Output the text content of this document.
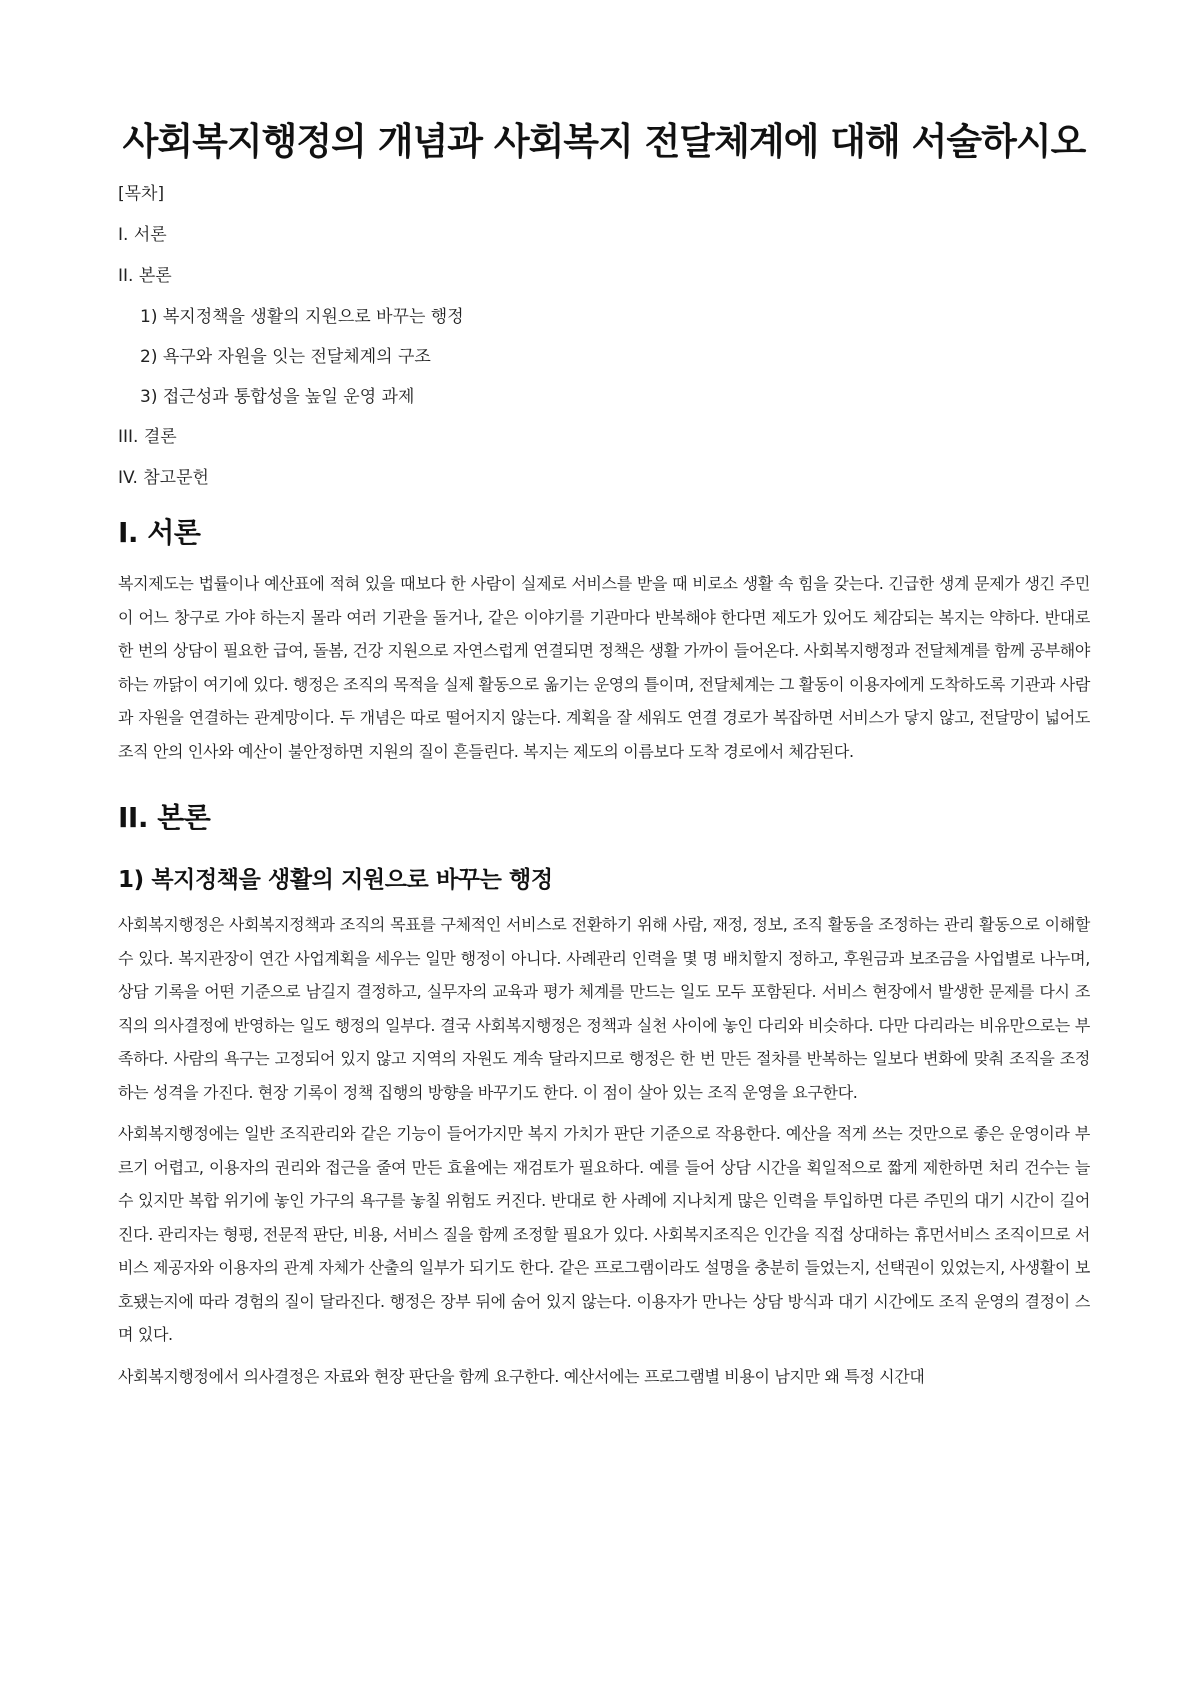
사회복지행정의 개념과 사회복지 전달체계에 대해 서술하시오
[목차]
I. 서론
II. 본론
1) 복지정책을 생활의 지원으로 바꾸는 행정
2) 욕구와 자원을 잇는 전달체계의 구조
3) 접근성과 통합성을 높일 운영 과제
III. 결론
IV. 참고문헌
I. 서론

복지제도는 법률이나 예산표에 적혀 있을 때보다 한 사람이 실제로 서비스를 받을 때 비로소 생활 속 힘을 갖는다. 긴급한 생계 문제가 생긴 주민이 어느 창구로 가야 하는지 몰라 여러 기관을 돌거나, 같은 이야기를 기관마다 반복해야 한다면 제도가 있어도 체감되는 복지는 약하다. 반대로 한 번의 상담이 필요한 급여, 돌봄, 건강 지원으로 자연스럽게 연결되면 정책은 생활 가까이 들어온다. 사회복지행정과 전달체계를 함께 공부해야 하는 까닭이 여기에 있다. 행정은 조직의 목적을 실제 활동으로 옮기는 운영의 틀이며, 전달체계는 그 활동이 이용자에게 도착하도록 기관과 사람과 자원을 연결하는 관계망이다. 두 개념은 따로 떨어지지 않는다. 계획을 잘 세워도 연결 경로가 복잡하면 서비스가 닿지 않고, 전달망이 넓어도 조직 안의 인사와 예산이 불안정하면 지원의 질이 흔들린다. 복지는 제도의 이름보다 도착 경로에서 체감된다.

II. 본론
1) 복지정책을 생활의 지원으로 바꾸는 행정

사회복지행정은 사회복지정책과 조직의 목표를 구체적인 서비스로 전환하기 위해 사람, 재정, 정보, 조직 활동을 조정하는 관리 활동으로 이해할 수 있다. 복지관장이 연간 사업계획을 세우는 일만 행정이 아니다. 사례관리 인력을 몇 명 배치할지 정하고, 후원금과 보조금을 사업별로 나누며, 상담 기록을 어떤 기준으로 남길지 결정하고, 실무자의 교육과 평가 체계를 만드는 일도 모두 포함된다. 서비스 현장에서 발생한 문제를 다시 조직의 의사결정에 반영하는 일도 행정의 일부다. 결국 사회복지행정은 정책과 실천 사이에 놓인 다리와 비슷하다. 다만 다리라는 비유만으로는 부족하다. 사람의 욕구는 고정되어 있지 않고 지역의 자원도 계속 달라지므로 행정은 한 번 만든 절차를 반복하는 일보다 변화에 맞춰 조직을 조정하는 성격을 가진다. 현장 기록이 정책 집행의 방향을 바꾸기도 한다. 이 점이 살아 있는 조직 운영을 요구한다.

사회복지행정에는 일반 조직관리와 같은 기능이 들어가지만 복지 가치가 판단 기준으로 작용한다. 예산을 적게 쓰는 것만으로 좋은 운영이라 부르기 어렵고, 이용자의 권리와 접근을 줄여 만든 효율에는 재검토가 필요하다. 예를 들어 상담 시간을 획일적으로 짧게 제한하면 처리 건수는 늘 수 있지만 복합 위기에 놓인 가구의 욕구를 놓칠 위험도 커진다. 반대로 한 사례에 지나치게 많은 인력을 투입하면 다른 주민의 대기 시간이 길어진다. 관리자는 형평, 전문적 판단, 비용, 서비스 질을 함께 조정할 필요가 있다. 사회복지조직은 인간을 직접 상대하는 휴먼서비스 조직이므로 서비스 제공자와 이용자의 관계 자체가 산출의 일부가 되기도 한다. 같은 프로그램이라도 설명을 충분히 들었는지, 선택권이 있었는지, 사생활이 보호됐는지에 따라 경험의 질이 달라진다. 행정은 장부 뒤에 숨어 있지 않는다. 이용자가 만나는 상담 방식과 대기 시간에도 조직 운영의 결정이 스며 있다.

사회복지행정에서 의사결정은 자료와 현장 판단을 함께 요구한다. 예산서에는 프로그램별 비용이 남지만 왜 특정 시간대
